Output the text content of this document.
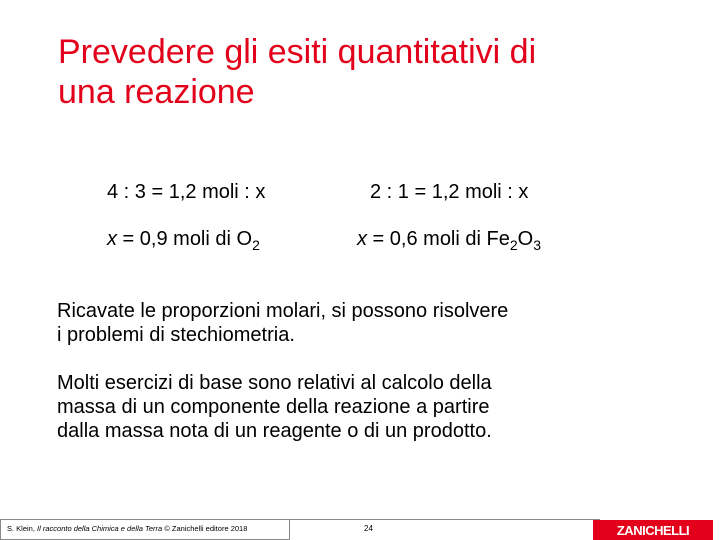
Prevedere gli esiti quantitativi di
una reazione
4 : 3 = 1,2 moli : x	2 : 1 = 1,2 moli : x
x = 0,9 moli di $O_2$	x = 0,6 moli di $Fe_2O_3$
Ricavate le proporzioni molari, si possono risolvere
i problemi di stechiometria.
Molti esercizi di base sono relativi al calcolo della
massa di un componente della reazione a partire
dalla massa nota di un reagente o di un prodotto.
S. Klein, Il racconto della Chimica e della Terra © Zanichelli editore 2018	24	ZANICHELLI
